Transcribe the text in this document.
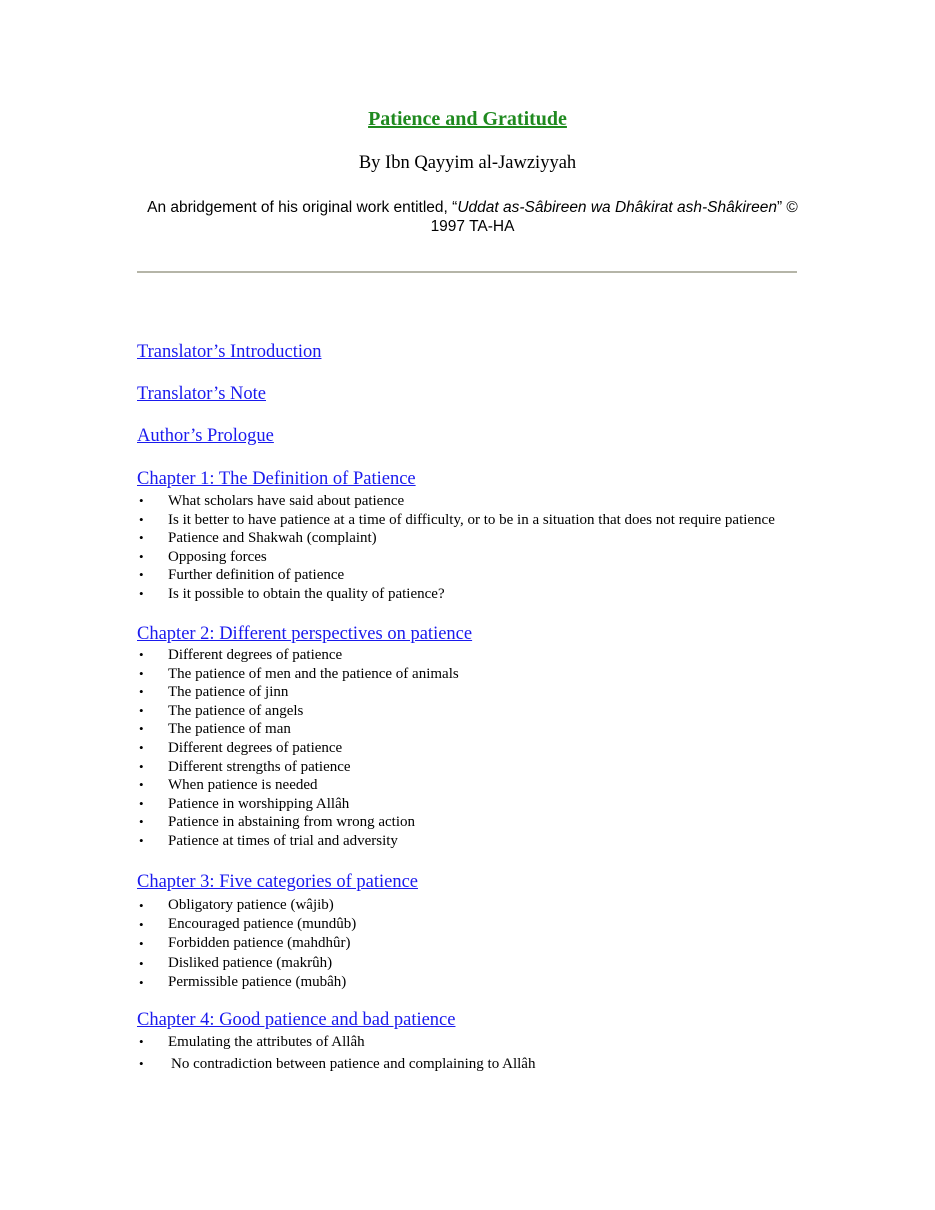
Patience and Gratitude
By Ibn Qayyim al-Jawziyyah
An abridgement of his original work entitled, “Uddat as-Sâbireen wa Dhâkirat ash-Shâkireen” © 1997 TA-HA
Translator’s Introduction
Translator’s Note
Author’s Prologue
Chapter 1: The Definition of Patience
• What scholars have said about patience
• Is it better to have patience at a time of difficulty, or to be in a situation that does not require patience
• Patience and Shakwah (complaint)
• Opposing forces
• Further definition of patience
• Is it possible to obtain the quality of patience?
Chapter 2: Different perspectives on patience
• Different degrees of patience
• The patience of men and the patience of animals
• The patience of jinn
• The patience of angels
• The patience of man
• Different degrees of patience
• Different strengths of patience
• When patience is needed
• Patience in worshipping Allâh
• Patience in abstaining from wrong action
• Patience at times of trial and adversity
Chapter 3: Five categories of patience
• Obligatory patience (wâjib)
• Encouraged patience (mundûb)
• Forbidden patience (mahdhûr)
• Disliked patience (makrûh)
• Permissible patience (mubâh)
Chapter 4: Good patience and bad patience
• Emulating the attributes of Allâh
• No contradiction between patience and complaining to Allâh
